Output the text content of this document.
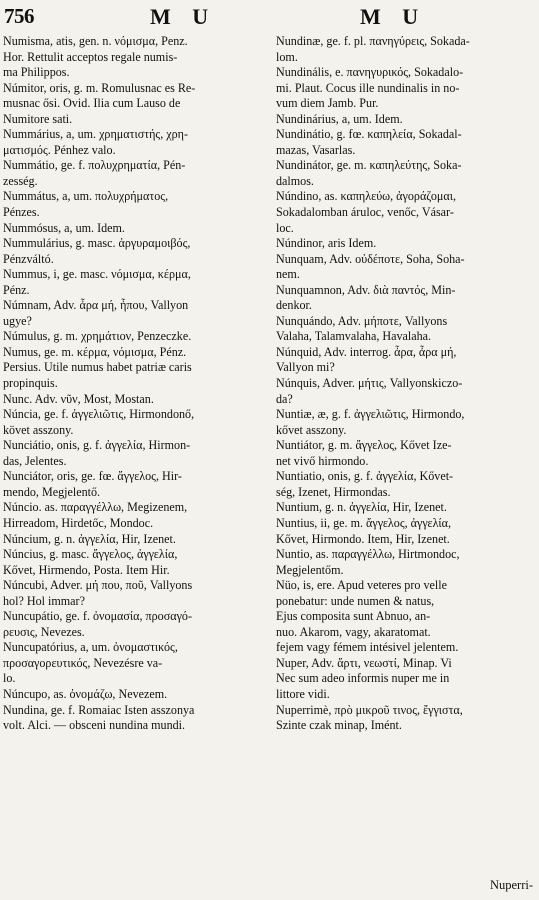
756	M U	M U
Numisma, atis, gen. n. νόμισμα, Penz.
Hor. Rettulit acceptos regale numis-
ma Philippos.
Númitor, oris, g. m. Romulusnac es Re-
musnac ősi. Ovid. Ilia cum Lauso de
Numitore sati.
Nummárius, a, um. χρηματιστής, χρη-
ματισμός. Pénhez valo.
Nummátio, ge. f. πολυχρηματία, Pén-
zesség.
Nummátus, a, um. πολυχρήματος,
Pénzes.
Nummósus, a, um. Idem.
Nummulárius, g. masc. ἀργυραμοιβός,
Pénzváltó.
Nummus, i, ge. masc. νόμισμα, κέρμα,
Pénz.
Númnam, Adv. ἆρα μή, ἦπου, Vallyon
ugye?
Númulus, g. m. χρημάτιον, Penzeczke.
Numus, ge. m. κέρμα, νόμισμα, Pénz.
Persius. Utile numus habet patriæ caris
propinquis.
Nunc. Adv. νῦν, Most, Mostan.
Núncia, ge. f. ἀγγελιῶτις, Hirmondonő,
követ asszony.
Nunciátio, onis, g. f. ἀγγελία, Hirmon-
das, Jelentes.
Nunciátor, oris, ge. fœ. ἄγγελος, Hir-
mendo, Megjelentő.
Núncio. as. παραγγέλλω, Megizenem,
Hirreadom, Hirdetőc, Mondoc.
Núncium, g. n. ἀγγελία, Hir, Izenet.
Núncius, g. masc. ἄγγελος, ἀγγελία,
Kővet, Hirmendo, Posta. Item Hir.
Núncubi, Adver. μή που, ποῦ, Vallyons
hol? Hol immar?
Nuncupátio, ge. f. ὀνομασία, προσαγό-
ρευσις, Nevezes.
Nuncupatórius, a, um. ὀνομαστικός,
προσαγορευτικός, Nevezésre va-
lo.
Núncupo, as. ὀνομάζω, Nevezem.
Nundina, ge. f. Romaiac Isten asszonya
volt. Alci. — obsceni nundina mundi.
Nundinæ, ge. f. pl. πανηγύρεις, Sokada-
lom.
Nundinális, e. πανηγυρικός, Sokadalo-
mi. Plaut. Cocus ille nundinalis in no-
vum diem Jamb. Pur.
Nundinárius, a, um. Idem.
Nundinátio, g. fœ. καπηλεία, Sokadal-
mazas, Vasarlas.
Nundinátor, ge. m. καπηλεύτης, Soka-
dalmos.
Núndino, as. καπηλεύω, ἀγοράζομαι,
Sokadalomban áruloc, venőc, Vásar-
loc.
Núndinor, aris Idem.
Nunquam, Adv. οὐδέποτε, Soha, Soha-
nem.
Nunquamnon, Adv. διὰ παντός, Min-
denkor.
Nunquándo, Adv. μήποτε, Vallyons
Valaha, Talamvalaha, Havalaha.
Núnquid, Adv. interrog. ἆρα, ἆρα μή,
Vallyon mi?
Núnquis, Adver. μήτις, Vallyonskiczo-
da?
Nuntiæ, æ, g. f. ἀγγελιῶτις, Hirmondo,
kővet asszony.
Nuntiátor, g. m. ἄγγελος, Kővet Ize-
net vivő hirmondo.
Nuntiatio, onis, g. f. ἀγγελία, Kővet-
ség, Izenet, Hirmondas.
Nuntium, g. n. ἀγγελία, Hir, Izenet.
Nuntius, ii, ge. m. ἄγγελος, ἀγγελία,
Kővet, Hirmondo. Item, Hir, Izenet.
Nuntio, as. παραγγέλλω, Hirtmondoc,
Megjelentőm.
Nüo, is, ere. Apud veteres pro velle
ponebatur: unde numen & natus,
Ejus composita sunt Abnuo, an-
nuo. Akarom, vagy, akaratomat.
fejem vagy fémem intésivel jelentem.
Nuper, Adv. ἄρτι, νεωστί, Minap. Vi
Nec sum adeo informis nuper me in
littore vidi.
Nuperrimè, πρὸ μικροῦ τινος, ἔγγιστα,
Szinte czak minap, Imént.
Nuperri-
